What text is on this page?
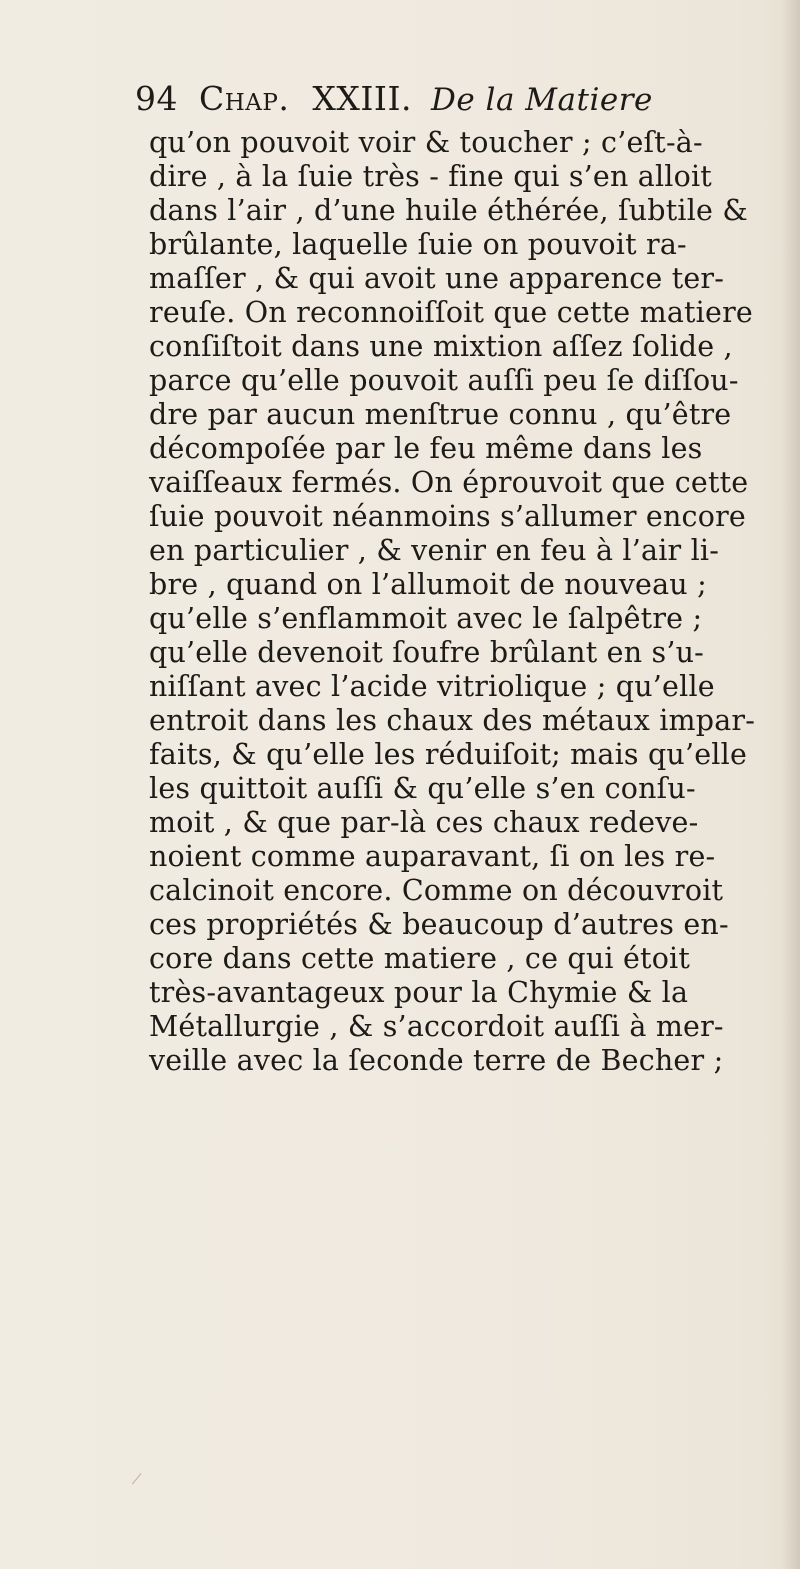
94 Chap. XXIII. De la Matiere
qu’on pouvoit voir & toucher ; c’eſt-à-
dire , à la ſuie très - fine qui s’en alloit
dans l’air , d’une huile éthérée, ſubtile &
brûlante, laquelle ſuie on pouvoit ra-
maſſer , & qui avoit une apparence ter-
reuſe. On reconnoiſſoit que cette matiere
conſiſtoit dans une mixtion aſſez ſolide ,
parce qu’elle pouvoit auſſi peu ſe diſſou-
dre par aucun menſtrue connu , qu’être
décompoſée par le feu même dans les
vaiſſeaux fermés. On éprouvoit que cette
ſuie pouvoit néanmoins s’allumer encore
en particulier , & venir en feu à l’air li-
bre , quand on l’allumoit de nouveau ;
qu’elle s’enflammoit avec le ſalpêtre ;
qu’elle devenoit ſoufre brûlant en s’u-
niſſant avec l’acide vitriolique ; qu’elle
entroit dans les chaux des métaux impar-
faits, & qu’elle les réduiſoit; mais qu’elle
les quittoit auſſi & qu’elle s’en conſu-
moit , & que par-là ces chaux redeve-
noient comme auparavant, ſi on les re-
calcinoit encore. Comme on découvroit
ces propriétés & beaucoup d’autres en-
core dans cette matiere , ce qui étoit
très-avantageux pour la Chymie & la
Métallurgie , & s’accordoit auſſi à mer-
veille avec la ſeconde terre de Becher ;
